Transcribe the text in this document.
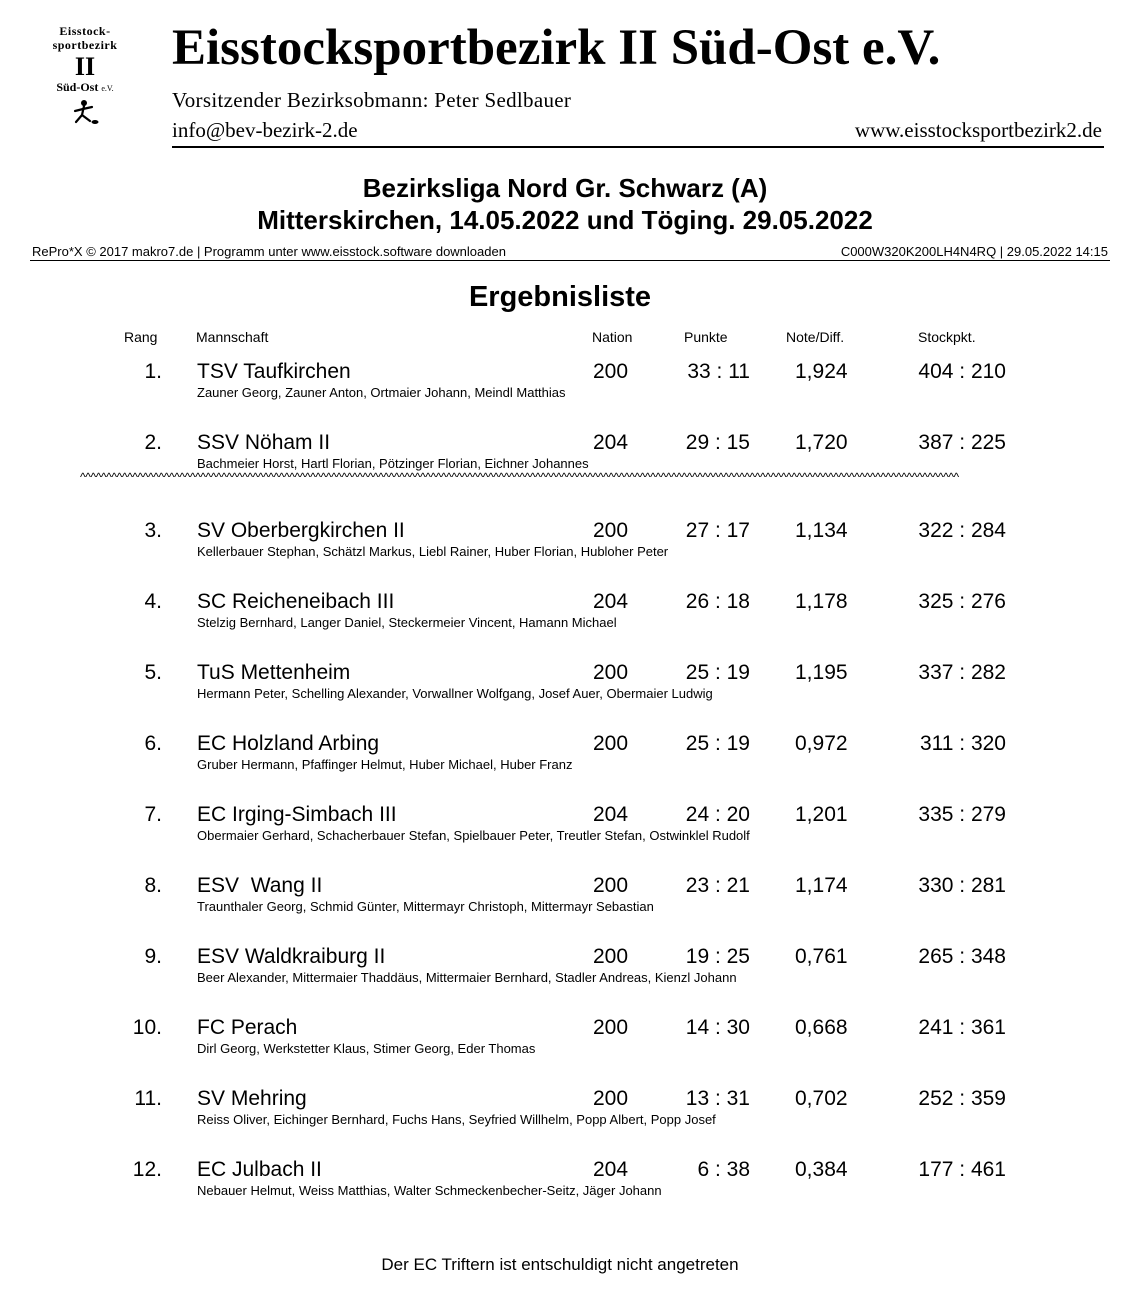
Eisstock-
sportbezirk
II
Süd-Ost e.V.
Eisstocksportbezirk II Süd-Ost e.V.
Vorsitzender Bezirksobmann: Peter Sedlbauer
info@bev-bezirk-2.de	www.eisstocksportbezirk2.de
Bezirksliga Nord Gr. Schwarz (A)
Mitterskirchen, 14.05.2022 und Töging. 29.05.2022
RePro*X © 2017 makro7.de | Programm unter www.eisstock.software downloaden	C000W320K200LH4N4RQ | 29.05.2022 14:15
Ergebnisliste
Rang	Mannschaft	Nation	Punkte	Note/Diff.	Stockpkt.
1. TSV Taufkirchen	200	33 : 11 1,924	404 : 210
Zauner Georg, Zauner Anton, Ortmaier Johann, Meindl Matthias
2. SSV Nöham II	204	29 : 15 1,720	387 : 225
Bachmeier Horst, Hartl Florian, Pötzinger Florian, Eichner Johannes
^^^^^^^^^^^^^^^^^^^^^^^^^^^^^^^^^^^^^^^^^^^^^^^^^^^^^^^^^^^^^^^^^^^^^^^^^^^^^^^^^^^^^^^^^^^^^^^^^^^^^^^^^^^^^^^^^^^^^^^^^^^^^^^^^^^^^^^^^^^^^^^^^^^^^^^^^^^^^^^^^^^^^^^^
3. SV Oberbergkirchen II	200	27 : 17 1,134	322 : 284
Kellerbauer Stephan, Schätzl Markus, Liebl Rainer, Huber Florian, Hubloher Peter
4. SC Reicheneibach III	204	26 : 18 1,178	325 : 276
Stelzig Bernhard, Langer Daniel, Steckermeier Vincent, Hamann Michael
5. TuS Mettenheim	200	25 : 19 1,195	337 : 282
Hermann Peter, Schelling Alexander, Vorwallner Wolfgang, Josef Auer, Obermaier Ludwig
6. EC Holzland Arbing	200	25 : 19 0,972	311 : 320
Gruber Hermann, Pfaffinger Helmut, Huber Michael, Huber Franz
7. EC Irging-Simbach III	204	24 : 20 1,201	335 : 279
Obermaier Gerhard, Schacherbauer Stefan, Spielbauer Peter, Treutler Stefan, Ostwinklel Rudolf
8. ESV  Wang II	200	23 : 21 1,174	330 : 281
Traunthaler Georg, Schmid Günter, Mittermayr Christoph, Mittermayr Sebastian
9. ESV Waldkraiburg II	200	19 : 25 0,761	265 : 348
Beer Alexander, Mittermaier Thaddäus, Mittermaier Bernhard, Stadler Andreas, Kienzl Johann
10. FC Perach	200	14 : 30 0,668	241 : 361
Dirl Georg, Werkstetter Klaus, Stimer Georg, Eder Thomas
11. SV Mehring	200	13 : 31 0,702	252 : 359
Reiss Oliver, Eichinger Bernhard, Fuchs Hans, Seyfried Willhelm, Popp Albert, Popp Josef
12. EC Julbach II	204	6 : 38 0,384	177 : 461
Nebauer Helmut, Weiss Matthias, Walter Schmeckenbecher-Seitz, Jäger Johann
Der EC Triftern ist entschuldigt nicht angetreten
